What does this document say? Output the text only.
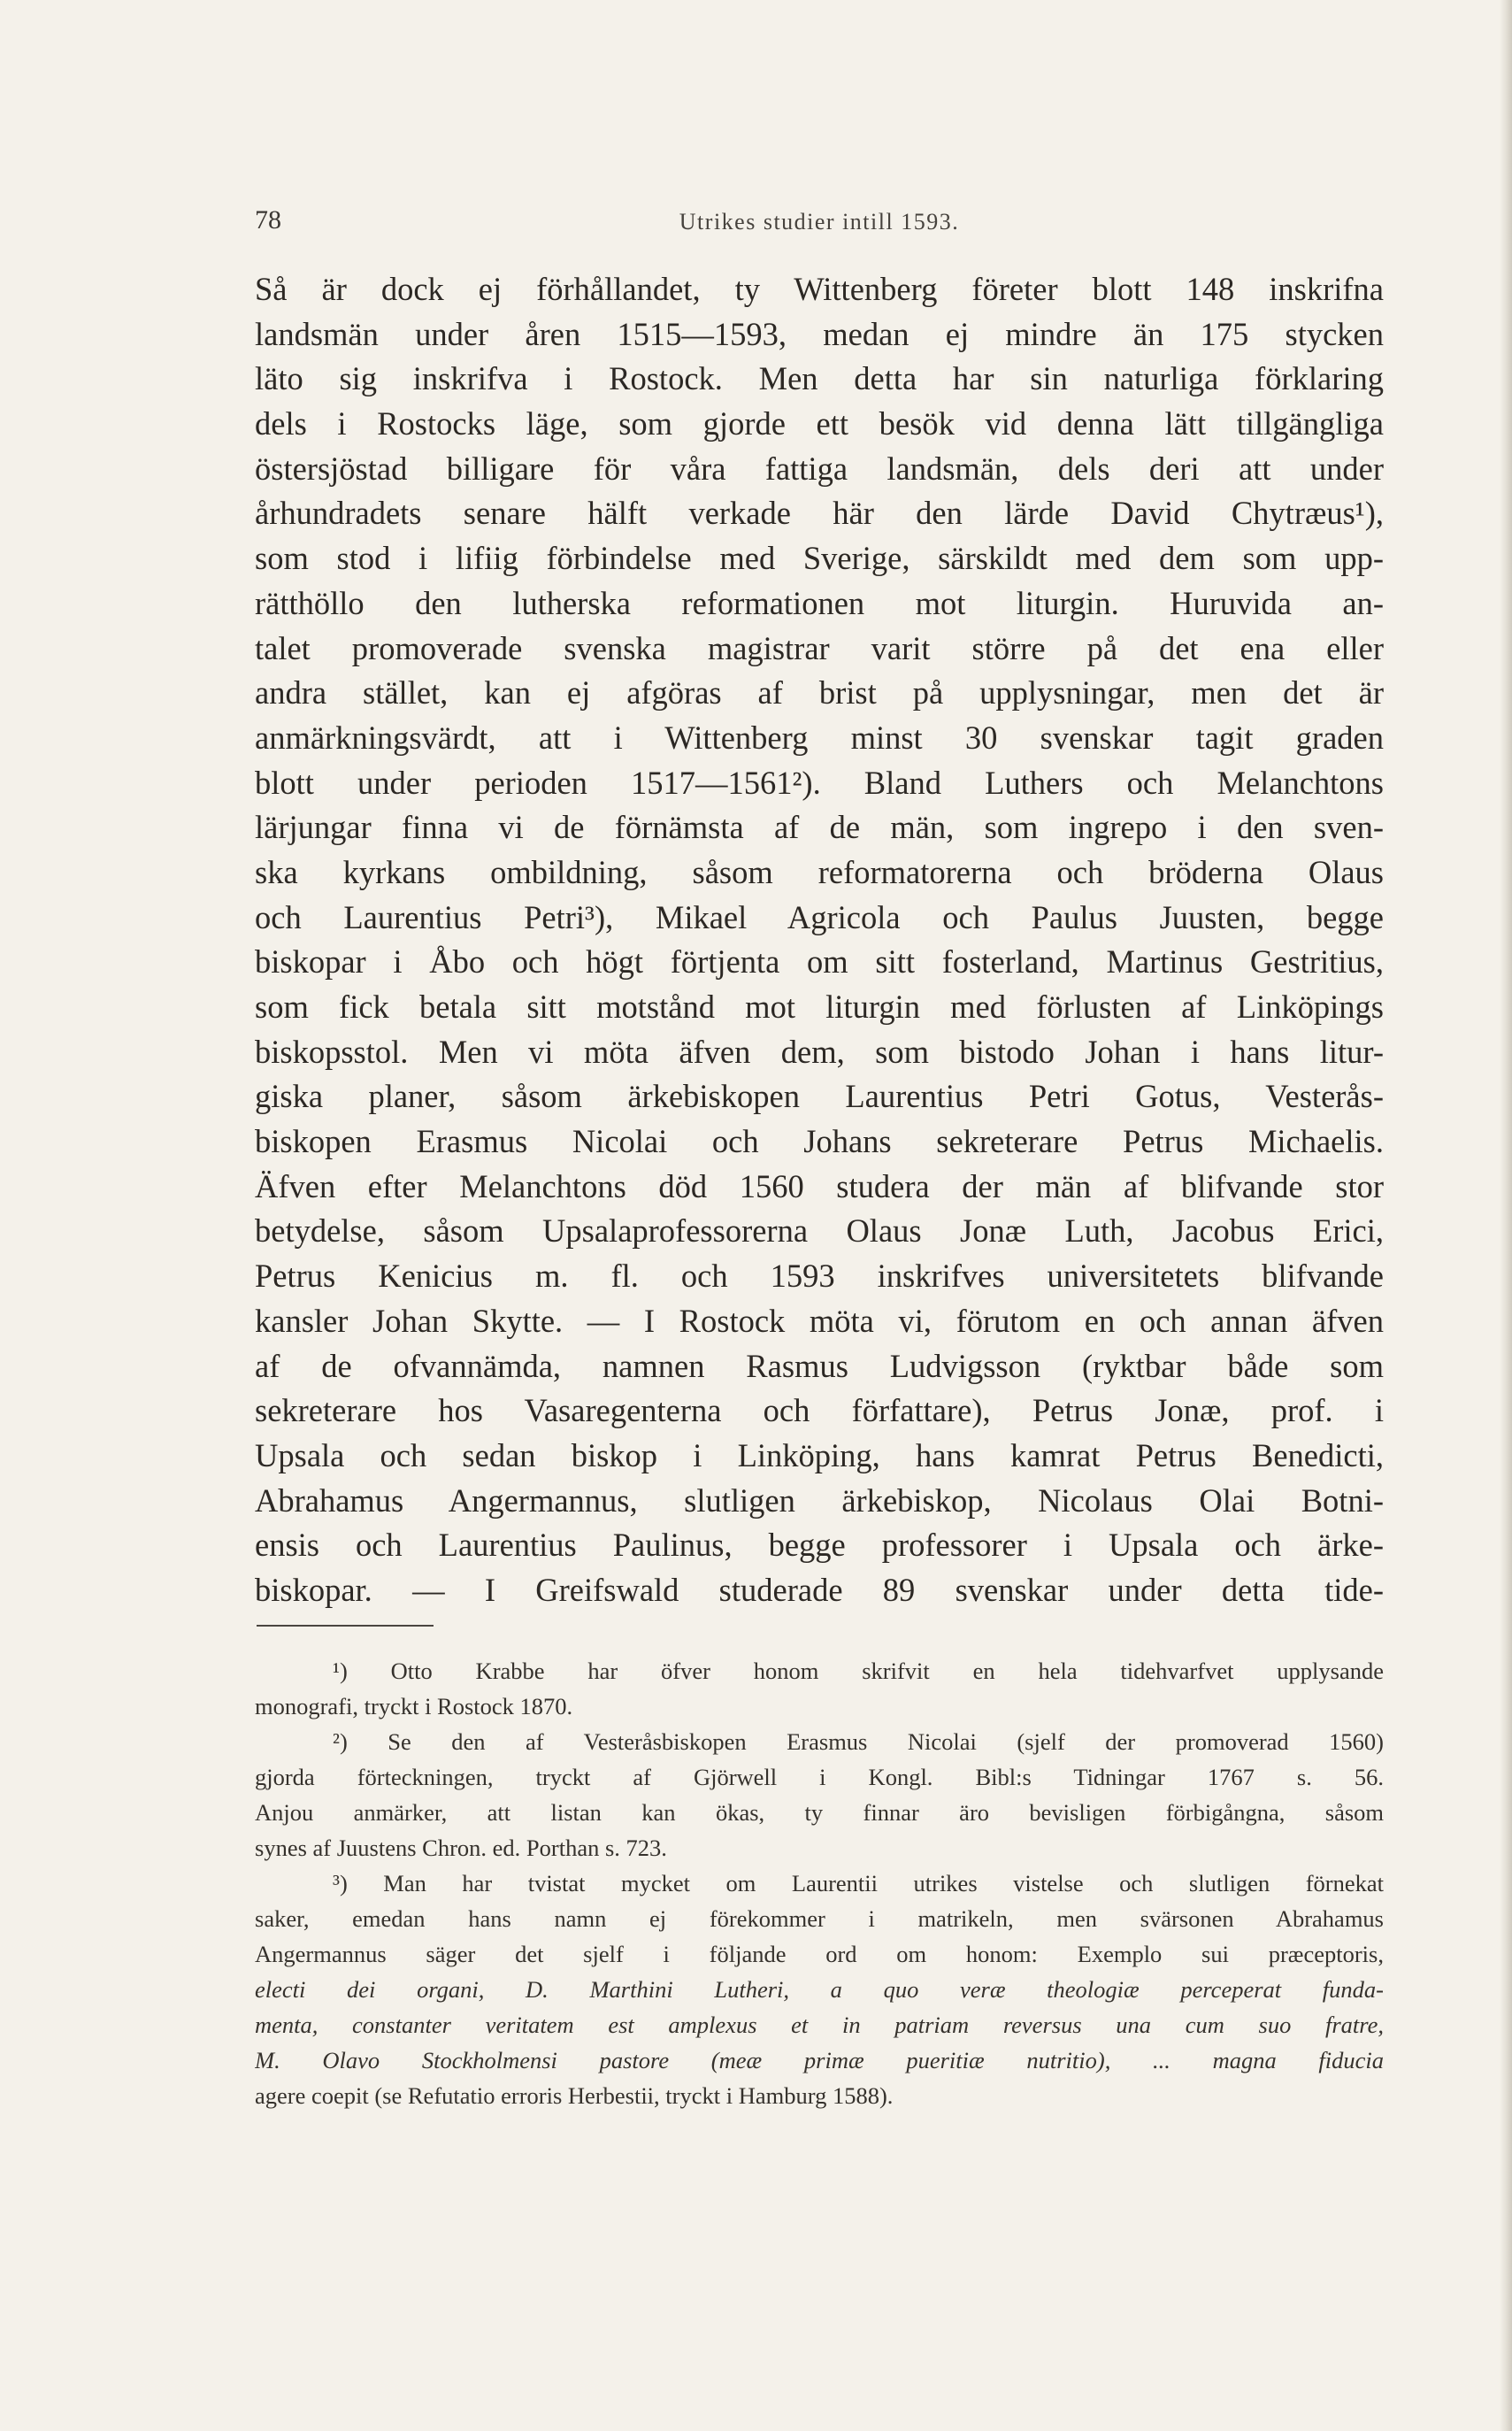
78	Utrikes studier intill 1593.
Så är dock ej förhållandet, ty Wittenberg företer blott 148 inskrifna
landsmän under åren 1515—1593, medan ej mindre än 175 stycken
läto sig inskrifva i Rostock. Men detta har sin naturliga förklaring
dels i Rostocks läge, som gjorde ett besök vid denna lätt tillgängliga
östersjöstad billigare för våra fattiga landsmän, dels deri att under
århundradets senare hälft verkade här den lärde David Chytræus¹),
som stod i lifiig förbindelse med Sverige, särskildt med dem som upp-
rätthöllo den lutherska reformationen mot liturgin. Huruvida an-
talet promoverade svenska magistrar varit större på det ena eller
andra stället, kan ej afgöras af brist på upplysningar, men det är
anmärkningsvärdt, att i Wittenberg minst 30 svenskar tagit graden
blott under perioden 1517—1561²). Bland Luthers och Melanchtons
lärjungar finna vi de förnämsta af de män, som ingrepo i den sven-
ska kyrkans ombildning, såsom reformatorerna och bröderna Olaus
och Laurentius Petri³), Mikael Agricola och Paulus Juusten, begge
biskopar i Åbo och högt förtjenta om sitt fosterland, Martinus Gestritius,
som fick betala sitt motstånd mot liturgin med förlusten af Linköpings
biskopsstol. Men vi möta äfven dem, som bistodo Johan i hans litur-
giska planer, såsom ärkebiskopen Laurentius Petri Gotus, Vesterås-
biskopen Erasmus Nicolai och Johans sekreterare Petrus Michaelis.
Äfven efter Melanchtons död 1560 studera der män af blifvande stor
betydelse, såsom Upsalaprofessorerna Olaus Jonæ Luth, Jacobus Erici,
Petrus Kenicius m. fl. och 1593 inskrifves universitetets blifvande
kansler Johan Skytte. — I Rostock möta vi, förutom en och annan äfven
af de ofvannämda, namnen Rasmus Ludvigsson (ryktbar både som
sekreterare hos Vasaregenterna och författare), Petrus Jonæ, prof. i
Upsala och sedan biskop i Linköping, hans kamrat Petrus Benedicti,
Abrahamus Angermannus, slutligen ärkebiskop, Nicolaus Olai Botni-
ensis och Laurentius Paulinus, begge professorer i Upsala och ärke-
biskopar. — I Greifswald studerade 89 svenskar under detta tide-
¹) Otto Krabbe har öfver honom skrifvit en hela tidehvarfvet upplysande
monografi, tryckt i Rostock 1870.
²) Se den af Vesteråsbiskopen Erasmus Nicolai (sjelf der promoverad 1560)
gjorda förteckningen, tryckt af Gjörwell i Kongl. Bibl:s Tidningar 1767 s. 56.
Anjou anmärker, att listan kan ökas, ty finnar äro bevisligen förbigångna, såsom
synes af Juustens Chron. ed. Porthan s. 723.
³) Man har tvistat mycket om Laurentii utrikes vistelse och slutligen förnekat
saker, emedan hans namn ej förekommer i matrikeln, men svärsonen Abrahamus
Angermannus säger det sjelf i följande ord om honom: Exemplo sui præceptoris,
electi dei organi, D. Marthini Lutheri, a quo veræ theologiæ perceperat funda-
menta, constanter veritatem est amplexus et in patriam reversus una cum suo fratre,
M. Olavo Stockholmensi pastore (meæ primæ pueritiæ nutritio), ... magna fiducia
agere coepit (se Refutatio erroris Herbestii, tryckt i Hamburg 1588).
